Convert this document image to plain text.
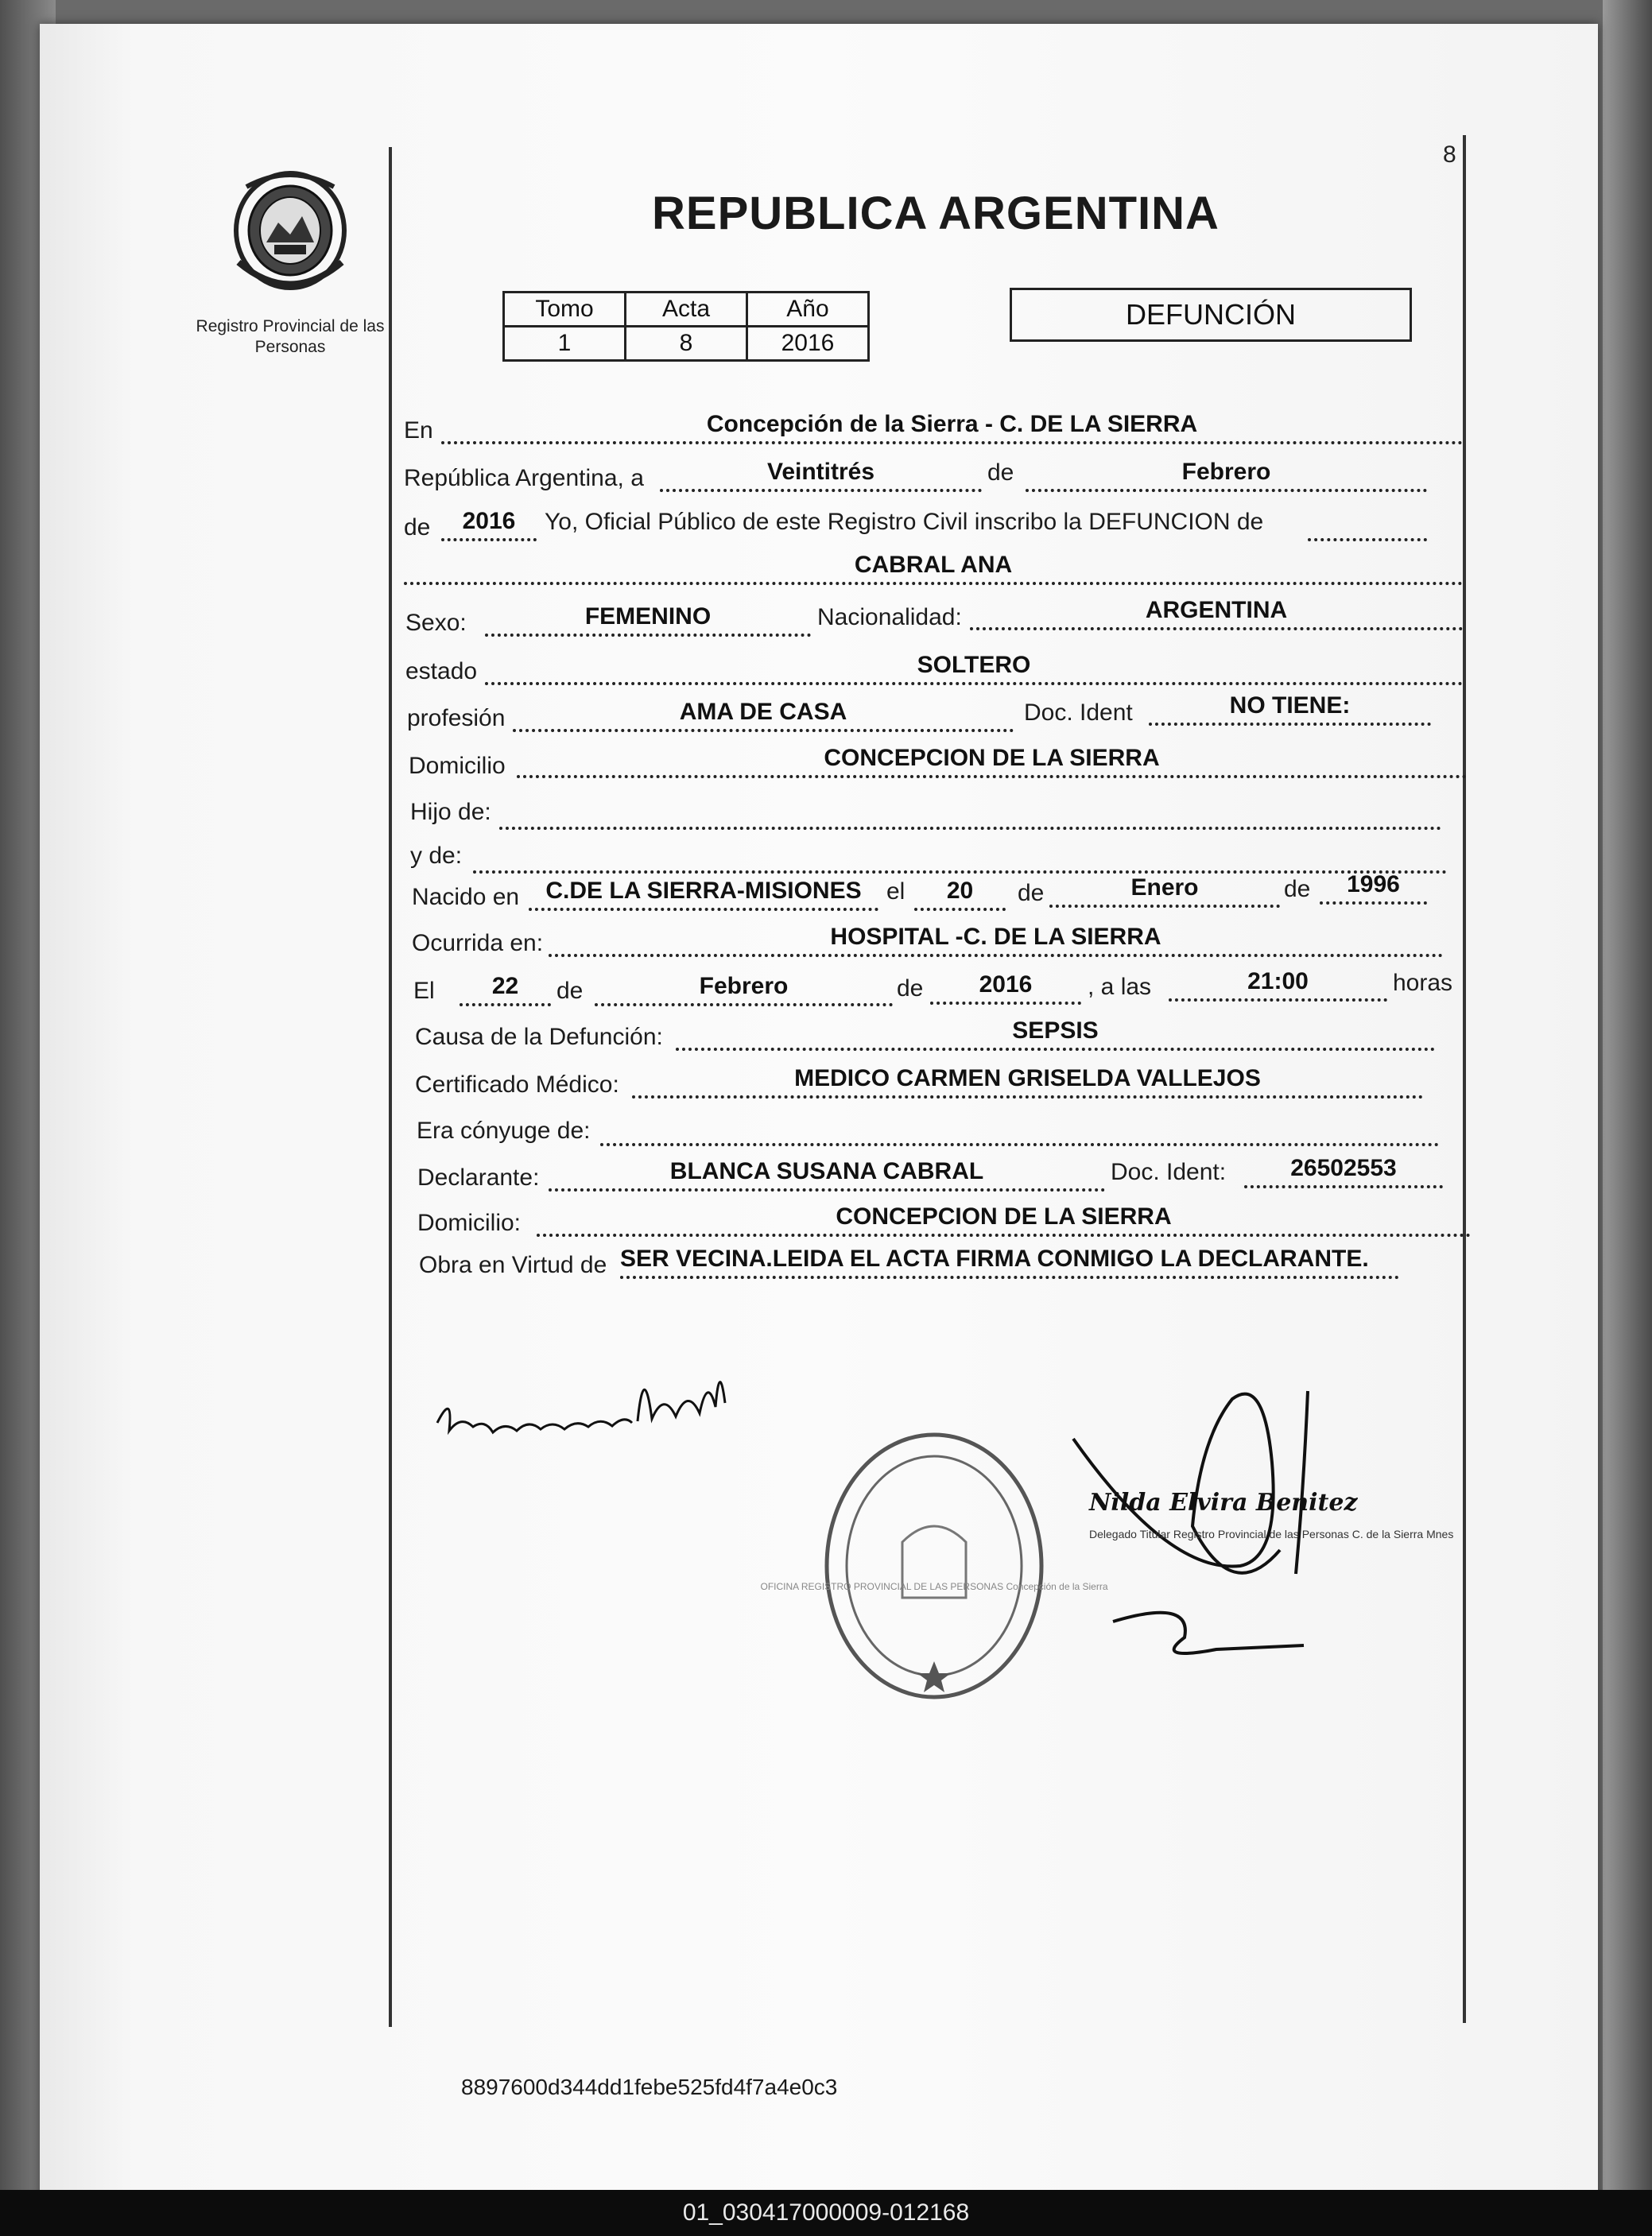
8
Registro Provincial de las Personas
REPUBLICA ARGENTINA
Tomo	Acta	Año
1	8	2016
DEFUNCIÓN
En	Concepción de la Sierra - C. DE LA SIERRA
República Argentina, a	Veintitrés	de	Febrero
de	2016	Yo, Oficial Público de este Registro Civil inscribo la DEFUNCION de
CABRAL ANA
Sexo:	FEMENINO	Nacionalidad:	ARGENTINA
estado	SOLTERO
profesión	AMA DE CASA	Doc. Ident	NO TIENE:
Domicilio	CONCEPCION DE LA SIERRA
Hijo de:
y de:
Nacido en	C.DE LA SIERRA-MISIONES	el	20	de	Enero	de	1996
Ocurrida en:	HOSPITAL -C. DE LA SIERRA
El	22	de	Febrero	de	2016	, a las	21:00	horas
Causa de la Defunción:	SEPSIS
Certificado Médico:	MEDICO CARMEN GRISELDA VALLEJOS
Era cónyuge de:
Declarante:	BLANCA SUSANA CABRAL	Doc. Ident:	26502553
Domicilio:	CONCEPCION DE LA SIERRA
Obra en Virtud de SER VECINA.LEIDA EL ACTA FIRMA CONMIGO LA DECLARANTE.
Blanca Susana Cabral
OFICINA REGISTRO PROVINCIAL DE LAS PERSONAS Concepción de la Sierra
Nilda Elvira Benitez
Delegado Titular Registro Provincial de las Personas C. de la Sierra Mnes
8897600d344dd1febe525fd4f7a4e0c3
01_030417000009-012168
